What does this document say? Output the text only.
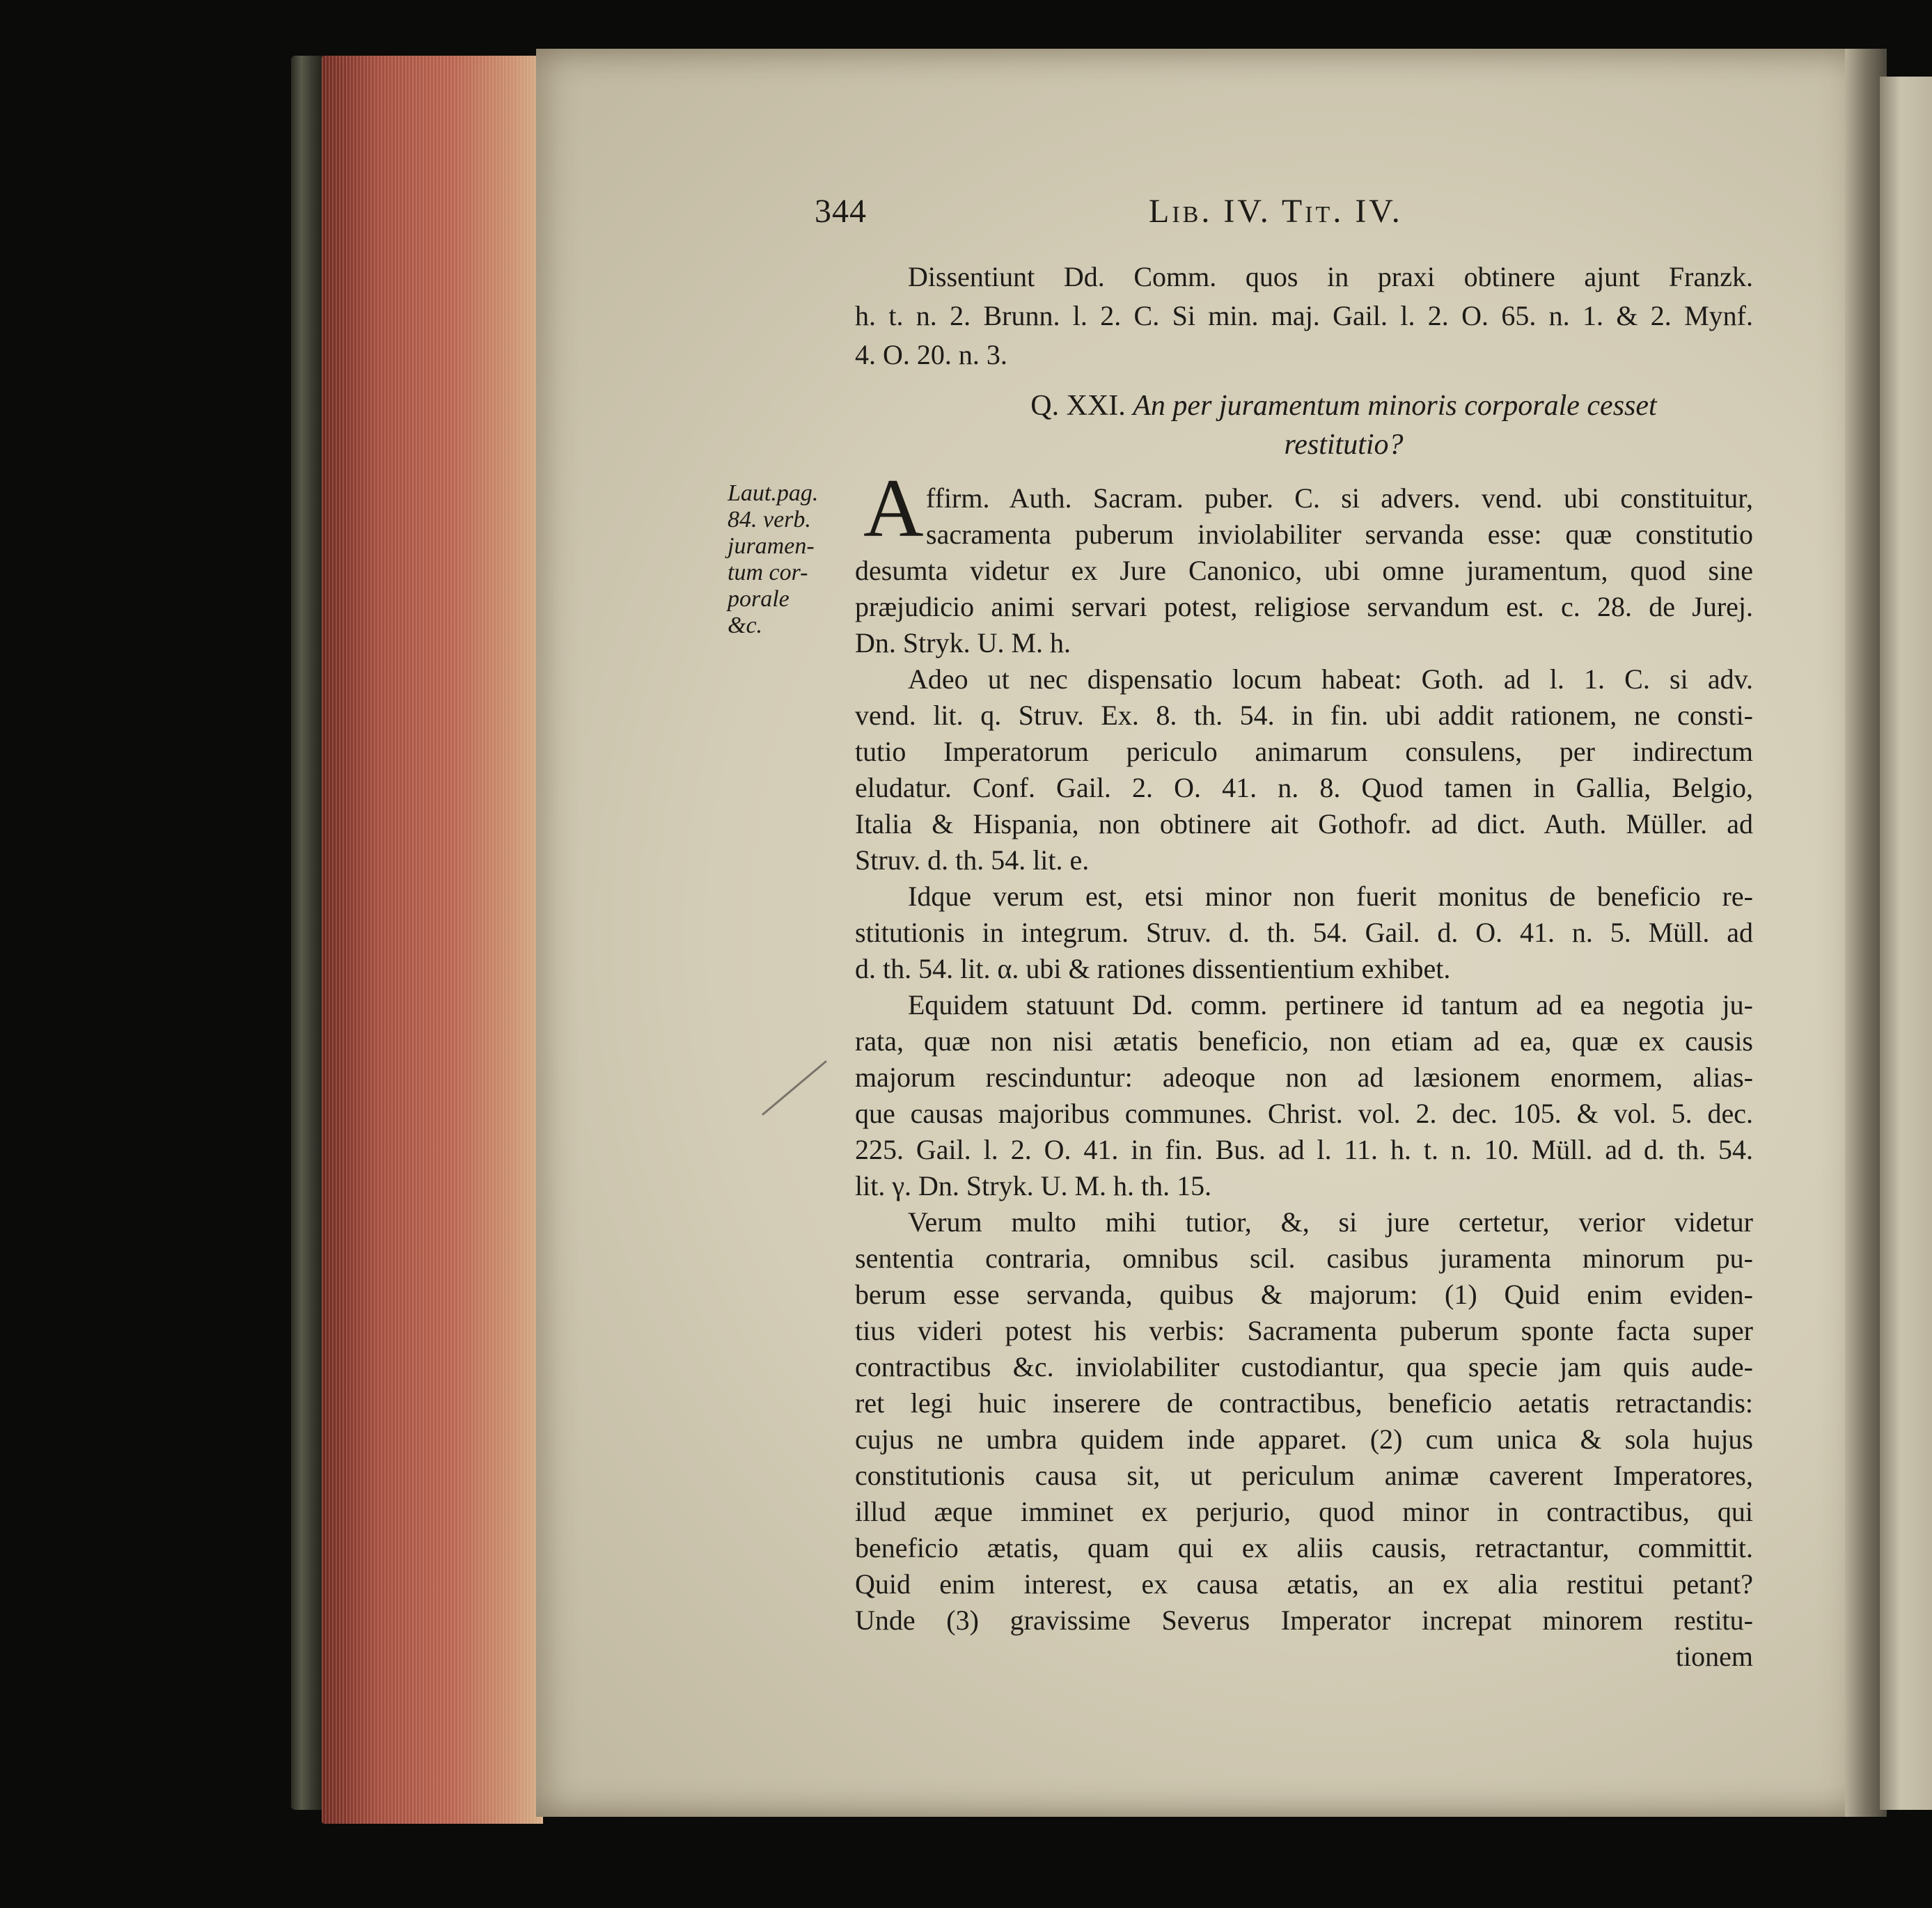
344	Lib. IV. Tit. IV.
Dissentiunt Dd. Comm. quos in praxi obtinere ajunt Franzk.
h. t. n. 2. Brunn. l. 2. C. Si min. maj. Gail. l. 2. O. 65. n. 1. & 2. Mynf.
4. O. 20. n. 3.
Q. XXI. An per juramentum minoris corporale cesset
restitutio?
Laut.pag.
84. verb.
juramen-
tum cor-
porale
&c.
A ffirm. Auth. Sacram. puber. C. si advers. vend. ubi constituitur,
sacramenta puberum inviolabiliter servanda esse: quæ constitutio
desumta videtur ex Jure Canonico, ubi omne juramentum, quod sine
præjudicio animi servari potest, religiose servandum est. c. 28. de Jurej.
Dn. Stryk. U. M. h.
Adeo ut nec dispensatio locum habeat: Goth. ad l. 1. C. si adv.
vend. lit. q. Struv. Ex. 8. th. 54. in fin. ubi addit rationem, ne consti-
tutio Imperatorum periculo animarum consulens, per indirectum
eludatur. Conf. Gail. 2. O. 41. n. 8. Quod tamen in Gallia, Belgio,
Italia & Hispania, non obtinere ait Gothofr. ad dict. Auth. Müller. ad
Struv. d. th. 54. lit. e.
Idque verum est, etsi minor non fuerit monitus de beneficio re-
stitutionis in integrum. Struv. d. th. 54. Gail. d. O. 41. n. 5. Müll. ad
d. th. 54. lit. α. ubi & rationes dissentientium exhibet.
Equidem statuunt Dd. comm. pertinere id tantum ad ea negotia ju-
rata, quæ non nisi ætatis beneficio, non etiam ad ea, quæ ex causis
majorum rescinduntur: adeoque non ad læsionem enormem, alias-
que causas majoribus communes. Christ. vol. 2. dec. 105. & vol. 5. dec.
225. Gail. l. 2. O. 41. in fin. Bus. ad l. 11. h. t. n. 10. Müll. ad d. th. 54.
lit. γ. Dn. Stryk. U. M. h. th. 15.
Verum multo mihi tutior, &, si jure certetur, verior videtur
sententia contraria, omnibus scil. casibus juramenta minorum pu-
berum esse servanda, quibus & majorum: (1) Quid enim eviden-
tius videri potest his verbis: Sacramenta puberum sponte facta super
contractibus &c. inviolabiliter custodiantur, qua specie jam quis aude-
ret legi huic inserere de contractibus, beneficio aetatis retractandis:
cujus ne umbra quidem inde apparet. (2) cum unica & sola hujus
constitutionis causa sit, ut periculum animæ caverent Imperatores,
illud æque imminet ex perjurio, quod minor in contractibus, qui
beneficio ætatis, quam qui ex aliis causis, retractantur, committit.
Quid enim interest, ex causa ætatis, an ex alia restitui petant?
Unde (3) gravissime Severus Imperator increpat minorem restitu-
tionem
